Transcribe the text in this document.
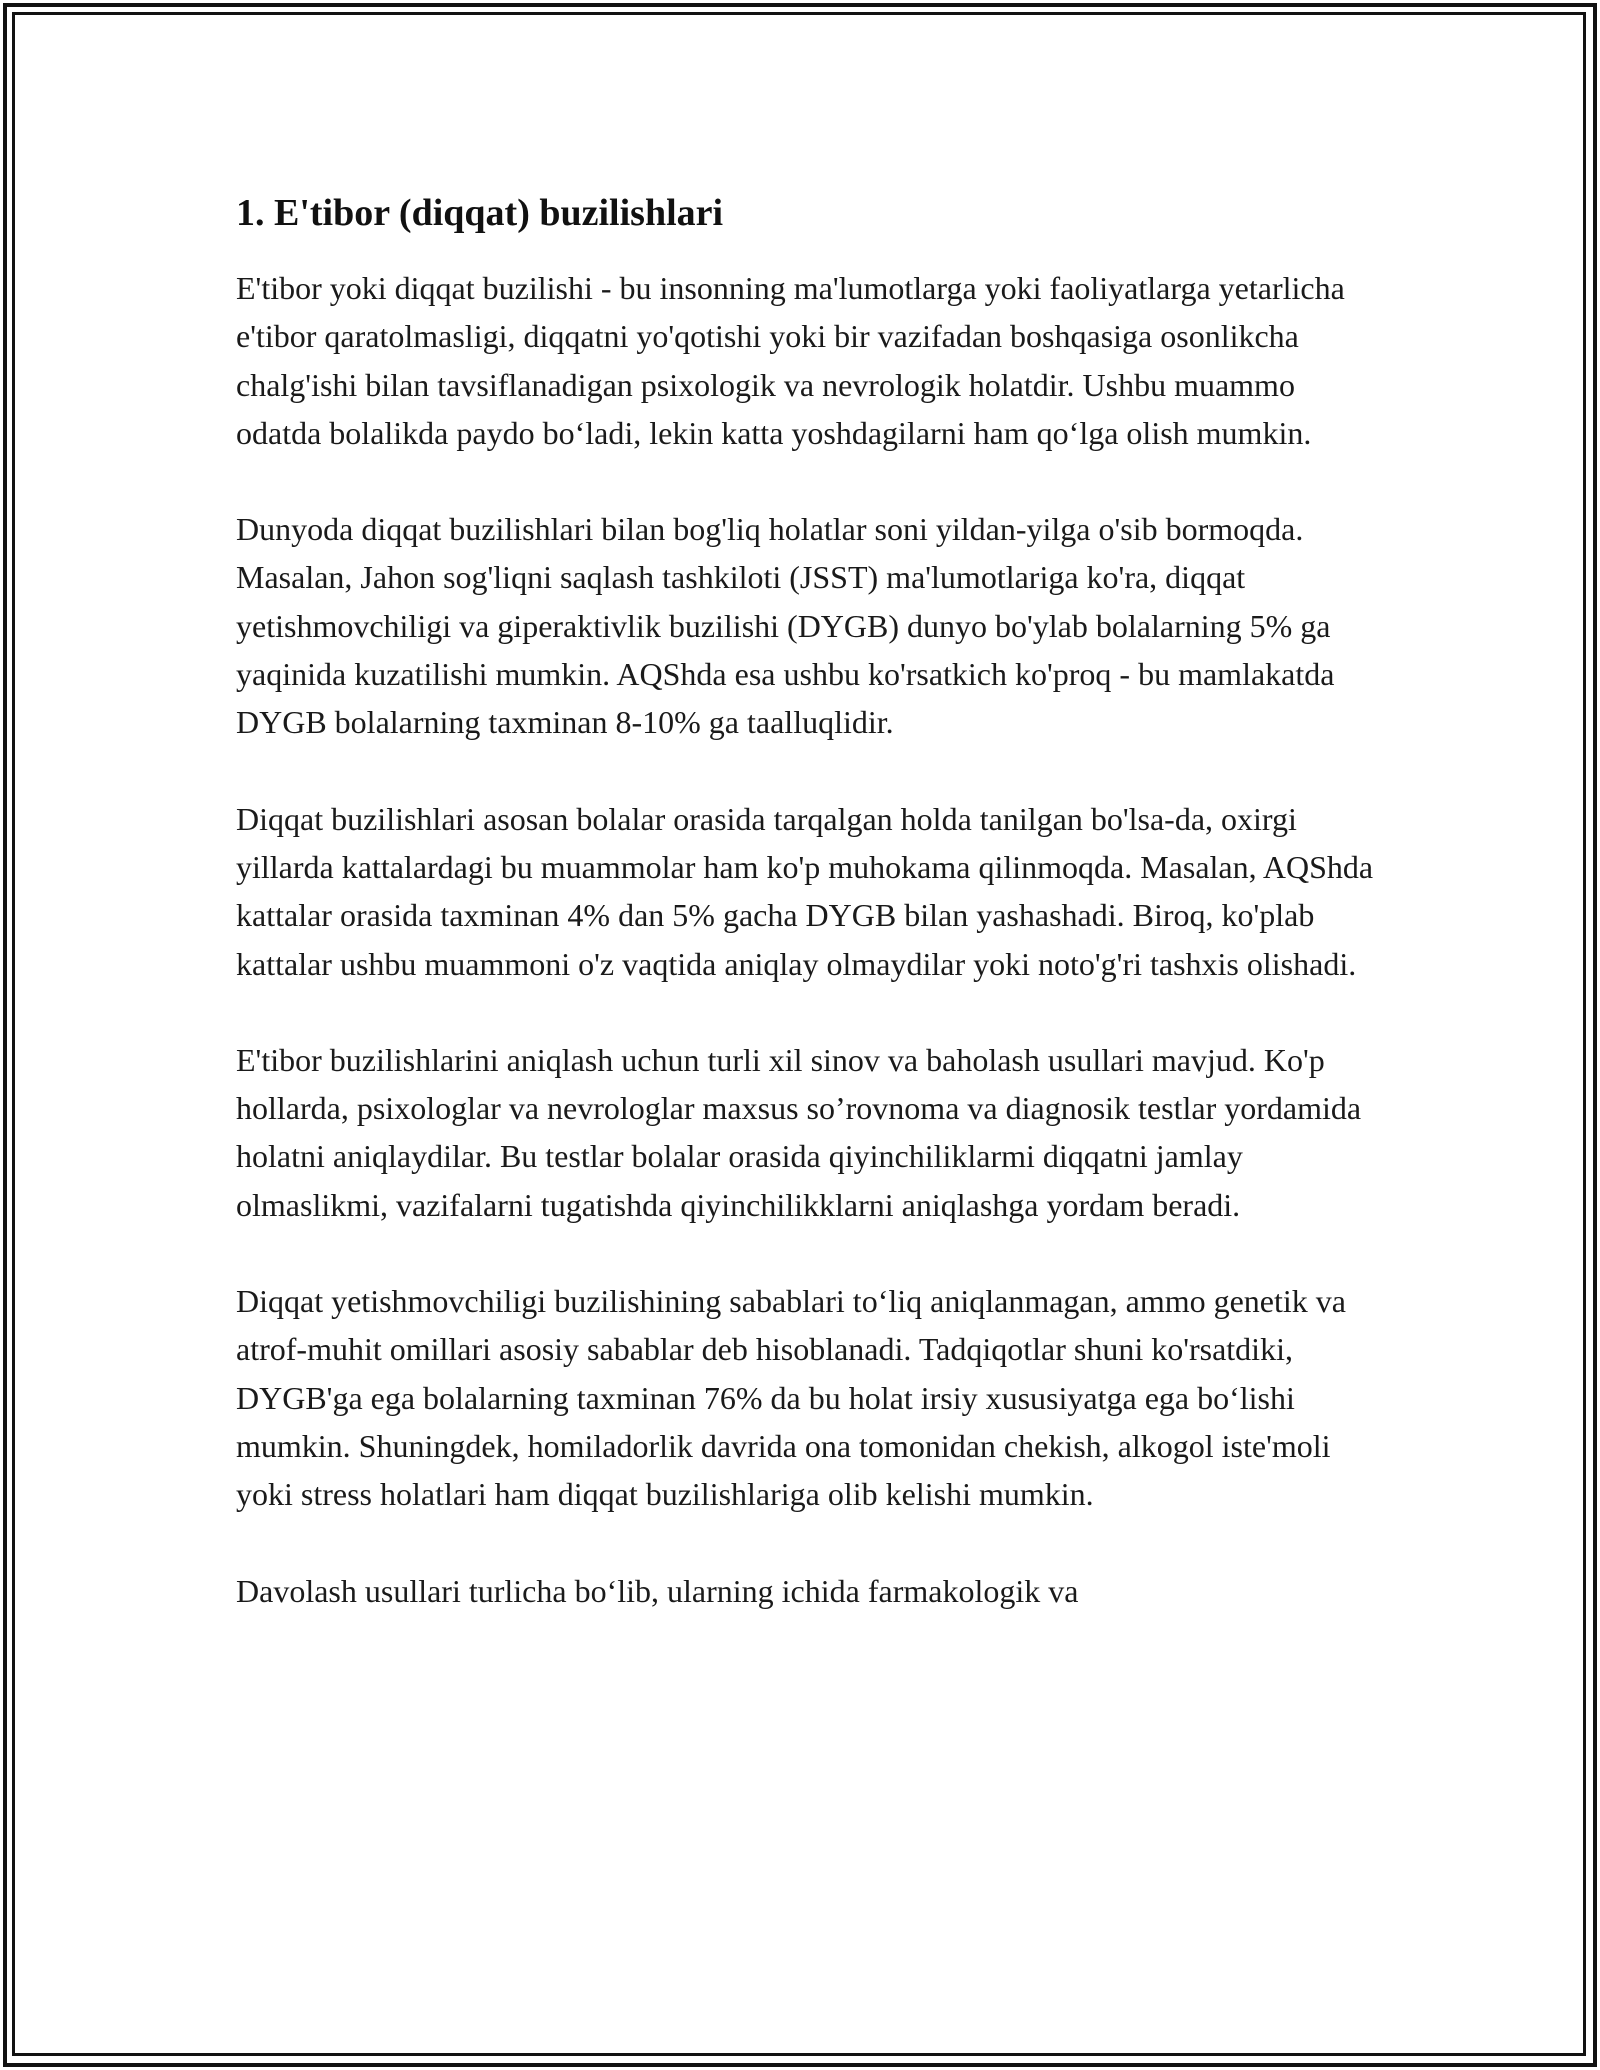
1. E'tibor (diqqat) buzilishlari

E'tibor yoki diqqat buzilishi - bu insonning ma'lumotlarga yoki faoliyatlarga yetarlicha e'tibor qaratolmasligi, diqqatni yo'qotishi yoki bir vazifadan boshqasiga osonlikcha chalg'ishi bilan tavsiflanadigan psixologik va nevrologik holatdir. Ushbu muammo odatda bolalikda paydo boʻladi, lekin katta yoshdagilarni ham qoʻlga olish mumkin.

Dunyoda diqqat buzilishlari bilan bog'liq holatlar soni yildan-yilga o'sib bormoqda. Masalan, Jahon sog'liqni saqlash tashkiloti (JSST) ma'lumotlariga ko'ra, diqqat yetishmovchiligi va giperaktivlik buzilishi (DYGB) dunyo bo'ylab bolalarning 5% ga yaqinida kuzatilishi mumkin. AQShda esa ushbu ko'rsatkich ko'proq - bu mamlakatda DYGB bolalarning taxminan 8-10% ga taalluqlidir.

Diqqat buzilishlari asosan bolalar orasida tarqalgan holda tanilgan bo'lsa-da, oxirgi yillarda kattalardagi bu muammolar ham ko'p muhokama qilinmoqda. Masalan, AQShda kattalar orasida taxminan 4% dan 5% gacha DYGB bilan yashashadi. Biroq, ko'plab kattalar ushbu muammoni o'z vaqtida aniqlay olmaydilar yoki noto'g'ri tashxis olishadi.

E'tibor buzilishlarini aniqlash uchun turli xil sinov va baholash usullari mavjud. Ko'p hollarda, psixologlar va nevrologlar maxsus so’rovnoma va diagnosik testlar yordamida holatni aniqlaydilar. Bu testlar bolalar orasida qiyinchiliklarmi diqqatni jamlay olmaslikmi, vazifalarni tugatishda qiyinchilikklarni aniqlashga yordam beradi.

Diqqat yetishmovchiligi buzilishining sabablari toʻliq aniqlanmagan, ammo genetik va atrof-muhit omillari asosiy sabablar deb hisoblanadi. Tadqiqotlar shuni ko'rsatdiki, DYGB'ga ega bolalarning taxminan 76% da bu holat irsiy xususiyatga ega boʻlishi mumkin. Shuningdek, homiladorlik davrida ona tomonidan chekish, alkogol iste'moli yoki stress holatlari ham diqqat buzilishlariga olib kelishi mumkin.

Davolash usullari turlicha boʻlib, ularning ichida farmakologik va
